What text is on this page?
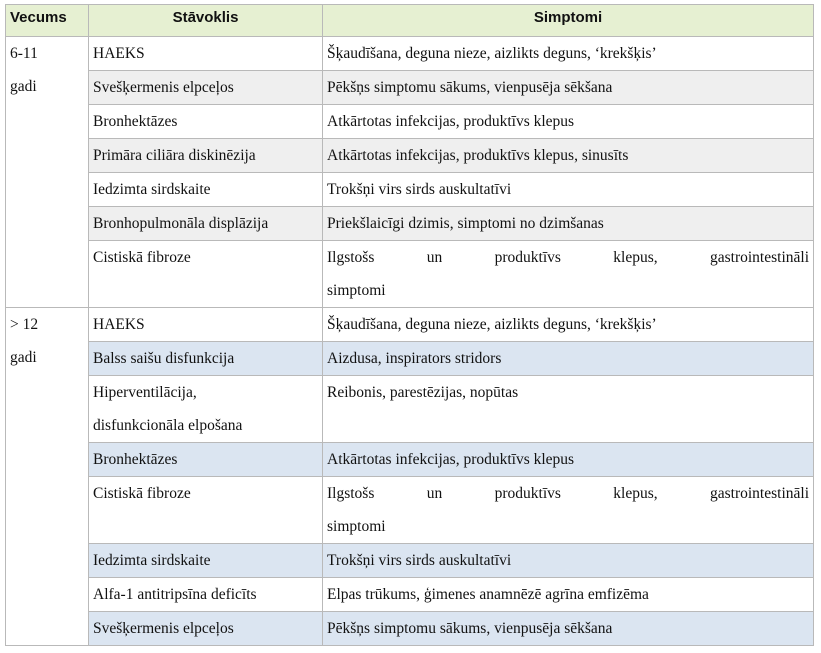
Vecums	Stāvoklis	Simptomi

6-11
gadi	HAEKS	Šķaudīšana, deguna nieze, aizlikts deguns, ‘krekšķis’
	Svešķermenis elpceļos	Pēkšņs simptomu sākums, vienpusēja sēkšana
	Bronhektāzes	Atkārtotas infekcijas, produktīvs klepus
	Primāra ciliāra diskinēzija	Atkārtotas infekcijas, produktīvs klepus, sinusīts
	Iedzimta sirdskaite	Trokšņi virs sirds auskultatīvi
	Bronhopulmonāla displāzija	Priekšlaicīgi dzimis, simptomi no dzimšanas
	Cistiskā fibroze	Ilgstošs un produktīvs klepus, gastrointestināli
simptomi

> 12
gadi	HAEKS	Šķaudīšana, deguna nieze, aizlikts deguns, ‘krekšķis’
	Balss saišu disfunkcija	Aizdusa, inspirators stridors

	Hiperventilācija,
disfunkcionāla elpošana	Reibonis, parestēzijas, nopūtas
	Bronhektāzes	Atkārtotas infekcijas, produktīvs klepus
	Cistiskā fibroze	Ilgstošs un produktīvs klepus, gastrointestināli
simptomi
	Iedzimta sirdskaite	Trokšņi virs sirds auskultatīvi
	Alfa-1 antitripsīna deficīts	Elpas trūkums, ģimenes anamnēzē agrīna emfizēma
	Svešķermenis elpceļos	Pēkšņs simptomu sākums, vienpusēja sēkšana
